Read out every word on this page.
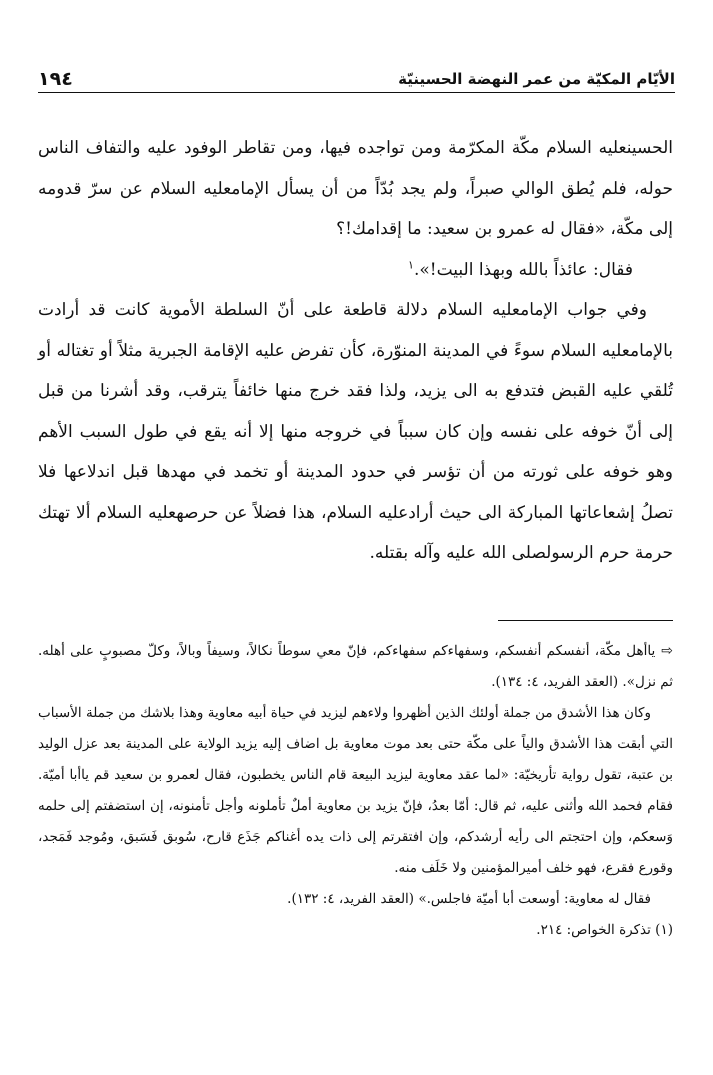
١٩٤	الأيّام المكيّة من عمر النهضة الحسينيّة

الحسينعليه السلام مكّة المكرّمة ومن تواجده فيها، ومن تقاطر الوفود عليه والتفاف الناس حوله، فلم يُطق الوالي صبراً، ولم يجد بُدّاً من أن يسأل الإمامعليه السلام عن سرّ قدومه إلى مكّة، «فقال له عمرو بن سعيد: ما إقدامك!؟

فقال: عائذاً بالله وبهذا البيت!».$^١$

وفي جواب الإمامعليه السلام دلالة قاطعة على أنّ السلطة الأموية كانت قد أرادت بالإمامعليه السلام سوءً في المدينة المنوّرة، كأن تفرض عليه الإقامة الجبرية مثلاً أو تغتاله أو تُلقي عليه القبض فتدفع به الى يزيد، ولذا فقد خرج منها خائفاً يترقب، وقد أشرنا من قبل إلى أنّ خوفه على نفسه وإن كان سبباً في خروجه منها إلا أنه يقع في طول السبب الأهم وهو خوفه على ثورته من أن تؤسر في حدود المدينة أو تخمد في مهدها قبل اندلاعها فلا تصلُ إشعاعاتها المباركة الى حيث أرادعليه السلام، هذا فضلاً عن حرصهعليه السلام ألا تهتك حرمة حرم الرسولصلى الله عليه وآله بقتله.

⇨ياأهل مكّة، أنفسكم أنفسكم، وسفهاءكم سفهاءكم، فإنّ معي سوطاً نكالاً، وسيفاً وبالاً، وكلّ مصبوبٍ على أهله. ثم نزل». (العقد الفريد، ٤: ١٣٤).

وكان هذا الأشدق من جملة أولئك الذين أظهروا ولاءهم ليزيد في حياة أبيه معاوية وهذا بلاشك من جملة الأسباب التي أبقت هذا الأشدق والياً على مكّة حتى بعد موت معاوية بل اضاف إليه يزيد الولاية على المدينة بعد عزل الوليد بن عتبة، تقول رواية تأريخيّة: «لما عقد معاوية ليزيد البيعة قام الناس يخطبون، فقال لعمرو بن سعيد قم ياأبا أميّة. فقام فحمد الله وأثنى عليه، ثم قال: أمّا بعدُ، فإنّ يزيد بن معاوية أملٌ تأملونه وأجل تأمنونه، إن استضفتم إلى حلمه وَسعكم، وإن احتجتم الى رأيه أرشدكم، وإن افتقرتم إلى ذات يده أغناكم جَذَع قارح، سُوبق فَسَبق، ومُوجد فَمَجد، وقورع فقرع، فهو خلف أميرالمؤمنين ولا خَلَف منه.

فقال له معاوية: أوسعت أبا أميّة فاجلس.» (العقد الفريد، ٤: ١٣٢).

(١) تذكرة الخواص: ٢١٤.
